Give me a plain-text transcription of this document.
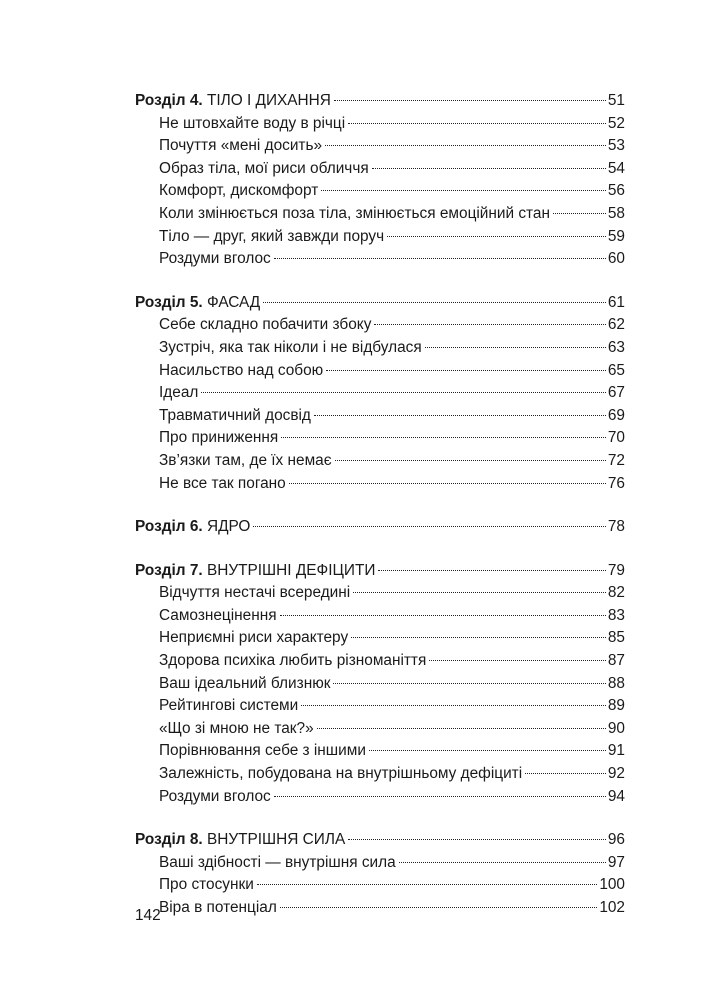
Розділ 4. ТІЛО І ДИХАННЯ	51
Не штовхайте воду в річці	52
Почуття «мені досить»	53
Образ тіла, мої риси обличчя	54
Комфорт, дискомфорт	56
Коли змінюється поза тіла, змінюється емоційний стан	58
Тіло — друг, який завжди поруч	59
Роздуми вголос	60
Розділ 5. ФАСАД	61
Себе складно побачити збоку	62
Зустріч, яка так ніколи і не відбулася	63
Насильство над собою	65
Ідеал	67
Травматичний досвід	69
Про приниження	70
Зв’язки там, де їх немає	72
Не все так погано	76
Розділ 6. ЯДРО	78
Розділ 7. ВНУТРІШНІ ДЕФІЦИТИ	79
Відчуття нестачі всередині	82
Самознецінення	83
Неприємні риси характеру	85
Здорова психіка любить різноманіття	87
Ваш ідеальний близнюк	88
Рейтингові системи	89
«Що зі мною не так?»	90
Порівнювання себе з іншими	91
Залежність, побудована на внутрішньому дефіциті	92
Роздуми вголос	94
Розділ 8. ВНУТРІШНЯ СИЛА	96
Ваші здібності — внутрішня сила	97
Про стосунки	100
Віра в потенціал	102
142
